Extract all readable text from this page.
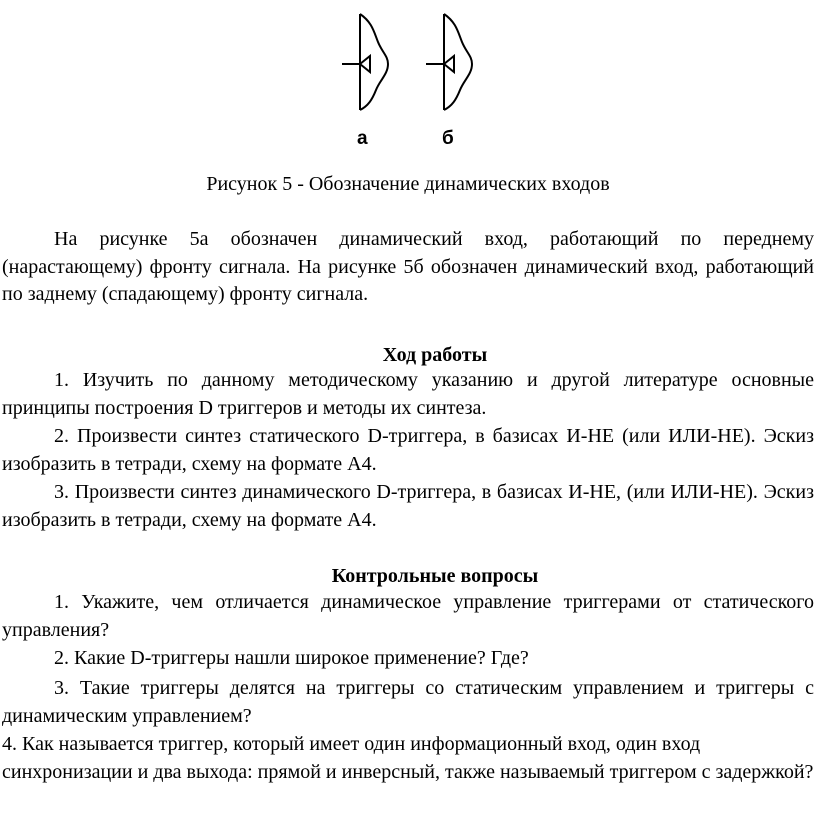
а	б
Рисунок 5 - Обозначение динамических входов

На рисунке 5а обозначен динамический вход, работающий по переднему (нарастающему) фронту сигнала. На рисунке 5б обозначен динамический вход, работающий по заднему (спадающему) фронту сигнала.

Ход работы

1. Изучить по данному методическому указанию и другой литературе основные принципы построения D триггеров и методы их синтеза.

2. Произвести синтез статического D-триггера, в базисах И-НЕ (или ИЛИ-НЕ). Эскиз изобразить в тетради, схему на формате А4.

3. Произвести синтез динамического D-триггера, в базисах И-НЕ, (или ИЛИ-НЕ). Эскиз изобразить в тетради, схему на формате А4.

Контрольные вопросы

1. Укажите, чем отличается динамическое управление триггерами от статического управления?

2. Какие D-триггеры нашли широкое применение? Где?

3. Такие триггеры делятся на триггеры со статическим управлением и триггеры с динамическим управлением?

4. Как называется триггер, который имеет один информационный вход, один вход синхронизации и два выхода: прямой и инверсный, также называемый триггером с задержкой?
